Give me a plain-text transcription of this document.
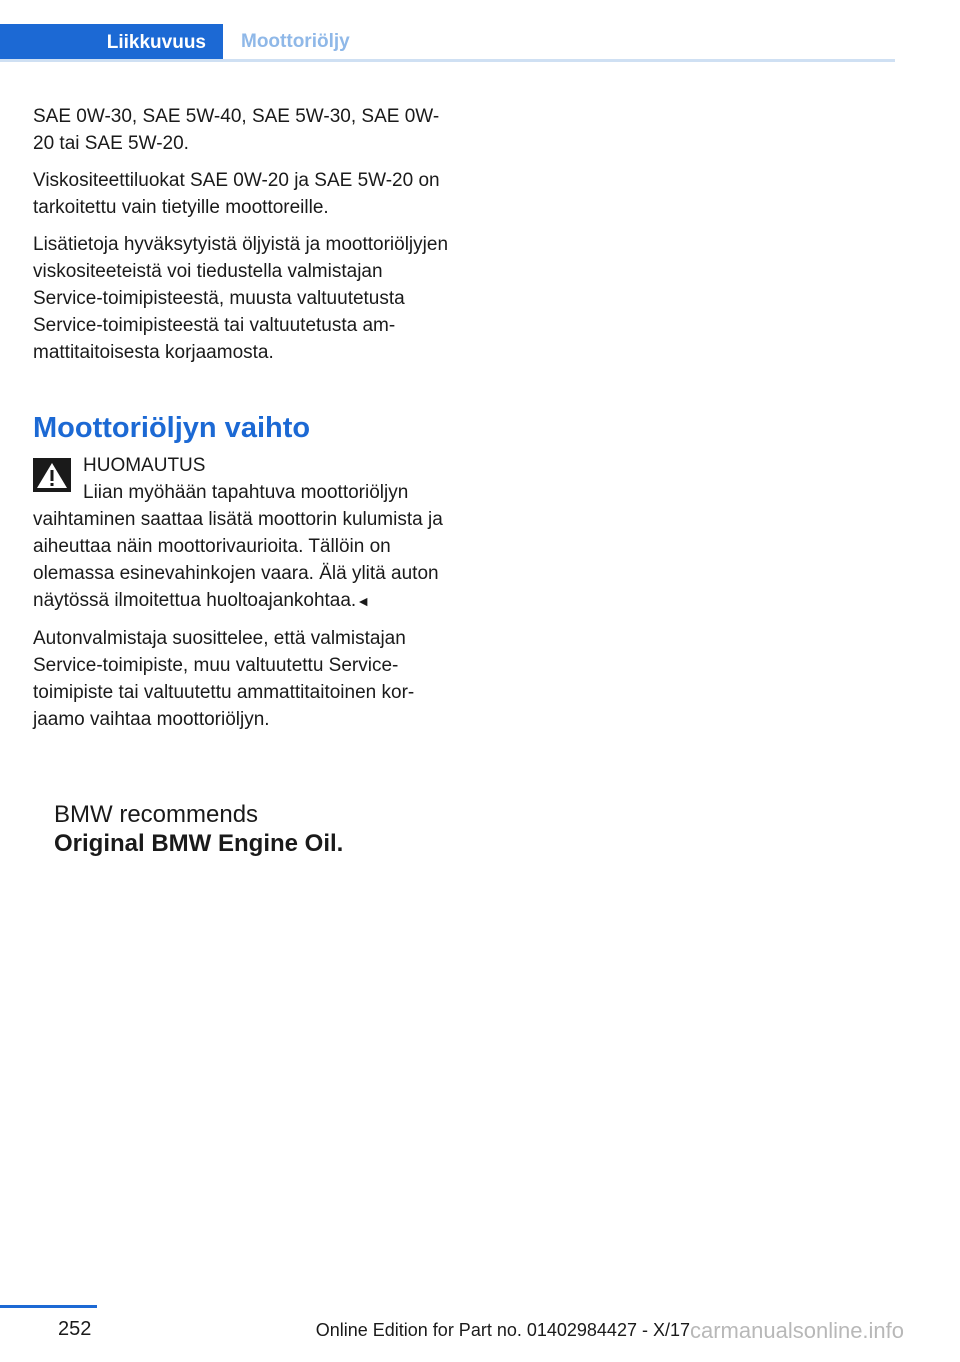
Liikkuvuus Moottoriöljy

SAE 0W-30, SAE 5W-40, SAE 5W-30, SAE 0W-20 tai SAE 5W-20.

Viskositeettiluokat SAE 0W-20 ja SAE 5W-20 on tarkoitettu vain tietyille moottoreille.

Lisätietoja hyväksytyistä öljyistä ja moottoriöljyjen viskositeeteistä voi tiedustella valmistajan Service-toimipisteestä, muusta valtuutetusta Service-toimipisteestä tai valtuutetusta ammattitaitoisesta korjaamosta.

Moottoriöljyn vaihto
HUOMAUTUS

Liian myöhään tapahtuva moottoriöljyn vaihtaminen saattaa lisätä moottorin kulumista ja aiheuttaa näin moottorivaurioita. Tällöin on olemassa esinevahinkojen vaara. Älä ylitä auton näytössä ilmoitettua huoltoajankohtaa.◄

Autonvalmistaja suosittelee, että valmistajan Service-toimipiste, muu valtuutettu Service-toimipiste tai valtuutettu ammattitaitoinen korjaamo vaihtaa moottoriöljyn.

BMW recommends
Original BMW Engine Oil.
252	Online Edition for Part no. 01402984427 - X/17 carmanualsonline.info
